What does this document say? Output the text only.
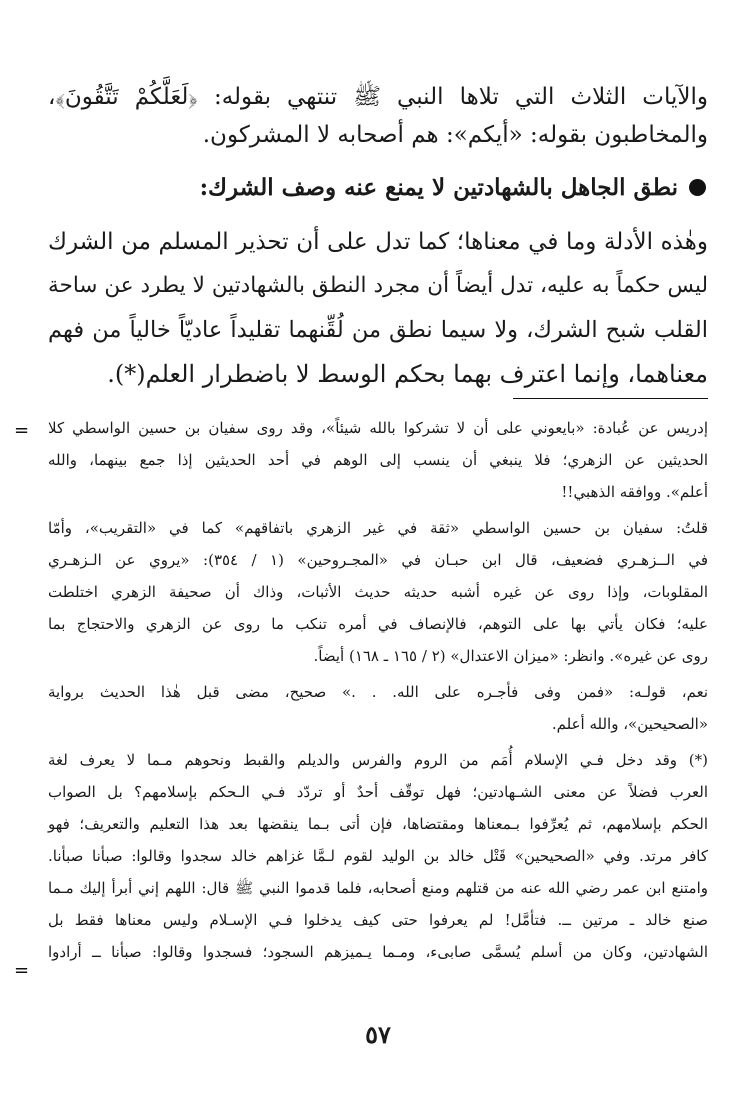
والآيات الثلاث التي تلاها النبي ﷺ تنتهي بقوله: ﴿لَعَلَّكُمْ تَتَّقُونَ﴾،
والمخاطبون بقوله: «أيكم»: هم أصحابه لا المشركون.
نطق الجاهل بالشهادتين لا يمنع عنه وصف الشرك:
وهٰذه الأدلة وما في معناها؛ كما تدل على أن تحذير المسلم من الشرك
ليس حكماً به عليه، تدل أيضاً أن مجرد النطق بالشهادتين لا يطرد عن ساحة
القلب شبح الشرك، ولا سيما نطق من لُقِّنهما تقليداً عاديّاً خالياً من فهم
معناهما، وإنما اعترف بهما بحكم الوسط لا باضطرار العلم(*).
= إدريس عن عُبادة: «بايعوني على أن لا تشركوا بالله شيئاً»، وقد روى سفيان بن حسين الواسطي كلا
الحديثين عن الزهري؛ فلا ينبغي أن ينسب إلى الوهم في أحد الحديثين إذا جمع بينهما، والله
أعلم». ووافقه الذهبي!!
قلتُ: سفيان بن حسين الواسطي «ثقة في غير الزهري باتفاقهم» كما في «التقريب»، وأمّا
في الــزهـري فضعيف، قال ابن حبـان في «المجـروحين» (١ / ٣٥٤): «يروي عن الـزهـري
المقلوبات، وإذا روى عن غيره أشبه حديثه حديث الأثبات، وذاك أن صحيفة الزهري اختلطت
عليه؛ فكان يأتي بها على التوهم، فالإنصاف في أمره تنكب ما روى عن الزهري والاحتجاج بما
روى عن غيره». وانظر: «ميزان الاعتدال» (٢ / ١٦٥ ـ ١٦٨) أيضاً.
نعم، قولـه: «فمن وفى فأجـره على الله. . .» صحيح، مضى قبل هٰذا الحديث برواية
«الصحيحين»، والله أعلم.
(*) وقد دخل فـي الإسلام أُمَم من الروم والفرس والديلم والقبط ونحوهم مـما لا يعرف لغة
العرب فضلاً عن معنى الشـهادتين؛ فهل توقّف أحدٌ أو تردّد فـي الـحكم بإسلامهم؟ بل الصواب
الحكم بإسلامهم، ثم يُعرِّفوا بـمعناها ومقتضاها، فإن أتى بـما ينقضها بعد هذا التعليم والتعريف؛ فهو
كافر مرتد. وفي «الصحيحين» قَتْل خالد بن الوليد لقوم لـمَّا غزاهم خالد سجدوا وقالوا: صبأنا صبأنا.
وامتنع ابن عمر رضي الله عنه من قتلهم ومنع أصحابه، فلما قدموا النبي ﷺ قال: اللهم إني أبرأ إليك مـما
صنع خالد ـ مرتين ــ. فتأمَّل! لم يعرفوا حتى كيف يدخلوا فـي الإسـلام وليس معناها فقط بل
الشهادتين، وكان من أسلم يُسمَّى صابىء، ومـما يـميزهم السجود؛ فسجدوا وقالوا: صبأنا ــ أرادوا
=
٥٧
